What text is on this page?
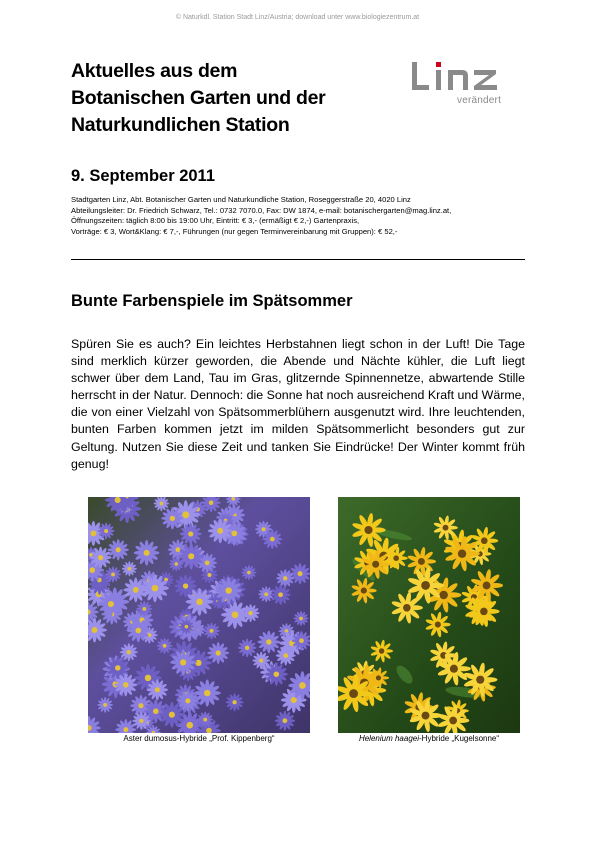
© Naturkdl. Station Stadt Linz/Austria; download unter www.biologiezentrum.at
Aktuelles aus dem
Botanischen Garten und der
Naturkundlichen Station
verändert
9. September 2011
Stadtgarten Linz, Abt. Botanischer Garten und Naturkundliche Station, Roseggerstraße 20, 4020 Linz
Abteilungsleiter: Dr. Friedrich Schwarz, Tel.: 0732 7070.0, Fax: DW 1874, e-mail: botanischergarten@mag.linz.at,
Öffnungszeiten: täglich 8:00 bis 19:00 Uhr, Eintritt: € 3,- (ermäßigt € 2,-) Gartenpraxis,
Vorträge: € 3, Wort&Klang: € 7,-, Führungen (nur gegen Terminvereinbarung mit Gruppen): € 52,-
Bunte Farbenspiele im Spätsommer
Spüren Sie es auch? Ein leichtes Herbstahnen liegt schon in der Luft! Die Tage sind merklich kürzer geworden, die Abende und Nächte kühler, die Luft liegt schwer über dem Land, Tau im Gras, glitzernde Spinnennetze, abwartende Stille herrscht in der Natur. Dennoch: die Sonne hat noch ausreichend Kraft und Wärme, die von einer Vielzahl von Spätsommerblühern ausgenutzt wird. Ihre leuchtenden, bunten Farben kommen jetzt im milden Spätsommerlicht besonders gut zur Geltung. Nutzen Sie diese Zeit und tanken Sie Eindrücke! Der Winter kommt früh genug!
Aster dumosus-Hybride „Prof. Kippenberg“	Helenium haagei-Hybride „Kugelsonne“
